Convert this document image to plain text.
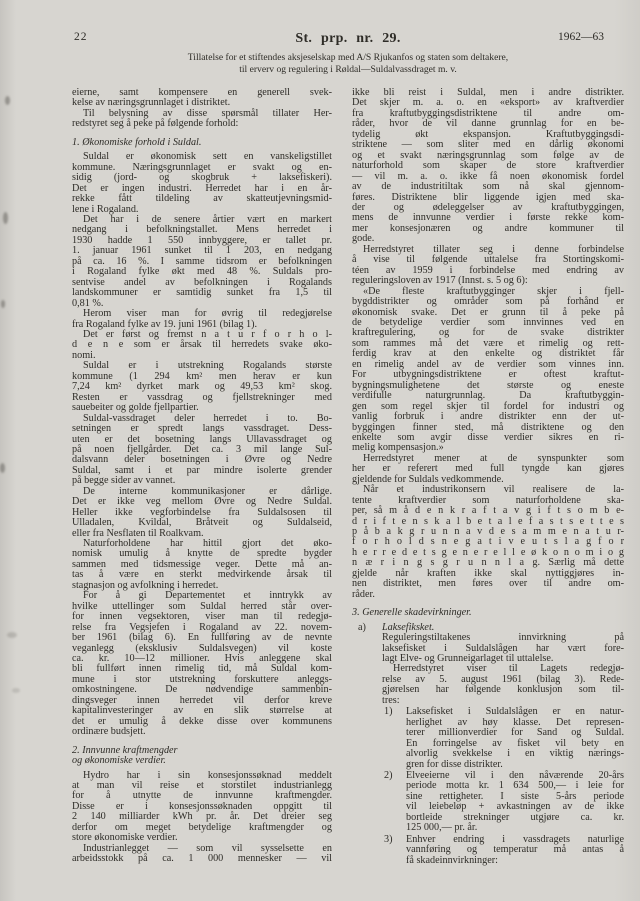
22	St. prp. nr. 29.	1962—63
Tillatelse for et stiftendes aksjeselskap med A/S Rjukanfos og staten som deltakere,
til erverv og regulering i Røldal—Suldalvassdraget m. v.
eierne, samt kompensere en generell svek-
kelse av næringsgrunnlaget i distriktet.
Til belysning av disse spørsmål tillater Her-
redstyret seg å peke på følgende forhold:
1. Økonomiske forhold i Suldal.
Suldal er økonomisk sett en vanskeligstillet
kommune. Næringsgrunnlaget er svakt og en-
sidig (jord- og skogbruk + laksefiskeri).
Det er ingen industri. Herredet har i en år-
rekke fått tildeling av skatteutjevningsmid-
lene i Rogaland.
Det har i de senere årtier vært en markert
nedgang i befolkningstallet. Mens herredet i
1930 hadde 1 550 innbyggere, er tallet pr.
1. januar 1961 sunket til 1 203, en nedgang
på ca. 16 %. I samme tidsrom er befolkningen
i Rogaland fylke økt med 48 %. Suldals pro-
sentvise andel av befolkningen i Rogalands
landskommuner er samtidig sunket fra 1,5 til
0,81 %.
Herom viser man for øvrig til redegjørelse
fra Rogaland fylke av 19. juni 1961 (bilag 1).
Det er først og fremst n a t u r f o r h o l-
d e n e som er årsak til herredets svake øko-
nomi.
Suldal er i utstrekning Rogalands største
kommune (1 294 km² men herav er kun
7,24 km² dyrket mark og 49,53 km² skog.
Resten er vassdrag og fjellstrekninger med
sauebeiter og golde fjellpartier.
Suldal-vassdraget deler herredet i to. Bo-
setningen er spredt langs vassdraget. Dess-
uten er det bosetning langs Ullavassdraget og
på noen fjellgårder. Det ca. 3 mil lange Sul-
dalsvann deler bosetningen i Øvre og Nedre
Suldal, samt i et par mindre isolerte grender
på begge sider av vannet.
De interne kommunikasjoner er dårlige.
Det er ikke veg mellom Øvre og Nedre Suldal.
Heller ikke vegforbindelse fra Suldalsosen til
Ulladalen, Kvildal, Bråtveit og Suldalseid,
eller fra Nesflaten til Roalkvam.
Naturforholdene har hittil gjort det øko-
nomisk umulig å knytte de spredte bygder
sammen med tidsmessige veger. Dette må an-
tas å være en sterkt medvirkende årsak til
stagnasjon og avfolkning i herredet.
For å gi Departementet et inntrykk av
hvilke uttellinger som Suldal herred står over-
for innen vegsektoren, viser man til redegjø-
relse fra Vegsjefen i Rogaland av 22. novem-
ber 1961 (bilag 6). En fullføring av de nevnte
veganlegg (eksklusiv Suldalsvegen) vil koste
ca. kr. 10—12 millioner. Hvis anleggene skal
bli fullført innen rimelig tid, må Suldal kom-
mune i stor utstrekning forskuttere anleggs-
omkostningene. De nødvendige sammenbin-
dingsveger innen herredet vil derfor kreve
kapitalinvesteringer av en slik størrelse at
det er umulig å dekke disse over kommunens
ordinære budsjett.
2. Innvunne kraftmengder
og økonomiske verdier.
Hydro har i sin konsesjonssøknad meddelt
at man vil reise et storstilet industrianlegg
for å utnytte de innvunne kraftmengder.
Disse er i konsesjonssøknaden oppgitt til
2 140 milliarder kWh pr. år. Det dreier seg
derfor om meget betydelige kraftmengder og
store økonomiske verdier.
Industrianlegget — som vil sysselsette en
arbeidsstokk på ca. 1 000 mennesker — vil
ikke bli reist i Suldal, men i andre distrikter.
Det skjer m. a. o. en «eksport» av kraftverdier
fra kraftutbyggingsdistriktene til andre om-
råder, hvor de vil danne grunnlag for en be-
tydelig økt ekspansjon. Kraftutbyggingsdi-
striktene — som sliter med en dårlig økonomi
og et svakt næringsgrunnlag som følge av de
naturforhold som skaper de store kraftverdier
— vil m. a. o. ikke få noen økonomisk fordel
av de industritiltak som nå skal gjennom-
føres. Distriktene blir liggende igjen med ska-
der og ødeleggelser av kraftutbyggingen,
mens de innvunne verdier i første rekke kom-
mer konsesjonæren og andre kommuner til
gode.
Herredstyret tillater seg i denne forbindelse
å vise til følgende uttalelse fra Stortingskomi-
téen av 1959 i forbindelse med endring av
reguleringsloven av 1917 (Innst. s. 5 og 6):
«De fleste kraftutbygginger skjer i fjell-
bygddistrikter og områder som på forhånd er
økonomisk svake. Det er grunn til å peke på
de betydelige verdier som innvinnes ved en
kraftregulering, og for de svake distrikter
som rammes må det være et rimelig og rett-
ferdig krav at den enkelte og distriktet får
en rimelig andel av de verdier som vinnes inn.
For utbygningsdistriktene er oftest kraftut-
bygningsmulighetene det største og eneste
verdifulle naturgrunnlag. Da kraftutbyggin-
gen som regel skjer til fordel for industri og
vanlig forbruk i andre distrikter enn der ut-
byggingen finner sted, må distriktene og den
enkelte som avgir disse verdier sikres en ri-
melig kompensasjon.»
Herredstyret mener at de synspunkter som
her er referert med full tyngde kan gjøres
gjeldende for Suldals vedkommende.
Når et industrikonsern vil realisere de la-
tente kraftverdier som naturforholdene ska-
per, så m å d e n k r a f t a v g i f t s o m b e-
d r i f t e n s k a l b e t a l e f a s t s e t t e s
p å b a k g r u n n a v d e s a m m e n a t u r-
f o r h o l d s n e g a t i v e u t s l a g f o r
h e r r e d e t s g e n e r e l l e ø k o n o m i o g
n æ r i n g s g r u n n l a g. Særlig må dette
gjelde når kraften ikke skal nyttiggjøres in-
nen distriktet, men føres over til andre om-
råder.
3. Generelle skadevirkninger.
a) Laksefiksket.
Reguleringstiltakenes innvirkning på
laksefisket i Suldalslågen har vært fore-
lagt Elve- og Grunneigarlaget til uttalelse.
Herredstyret viser til Lagets redegjø-
relse av 5. august 1961 (bilag 3). Rede-
gjørelsen har følgende konklusjon som til-
tres:
1) Laksefisket i Suldalslågen er en natur-
herlighet av høy klasse. Det represen-
terer millionverdier for Sand og Suldal.
En forringelse av fisket vil bety en
alvorlig svekkelse i en viktig nærings-
gren for disse distrikter.
2) Elveeierne vil i den nåværende 20-års
periode motta kr. 1 634 500,— i leie for
sine rettigheter. I siste 5-års periode
vil leiebeløp + avkastningen av de ikke
bortleide strekninger utgjøre ca. kr.
125 000,— pr. år.
3) Enhver endring i vassdragets naturlige
vannføring og temperatur må antas å
få skadeinnvirkninger:
